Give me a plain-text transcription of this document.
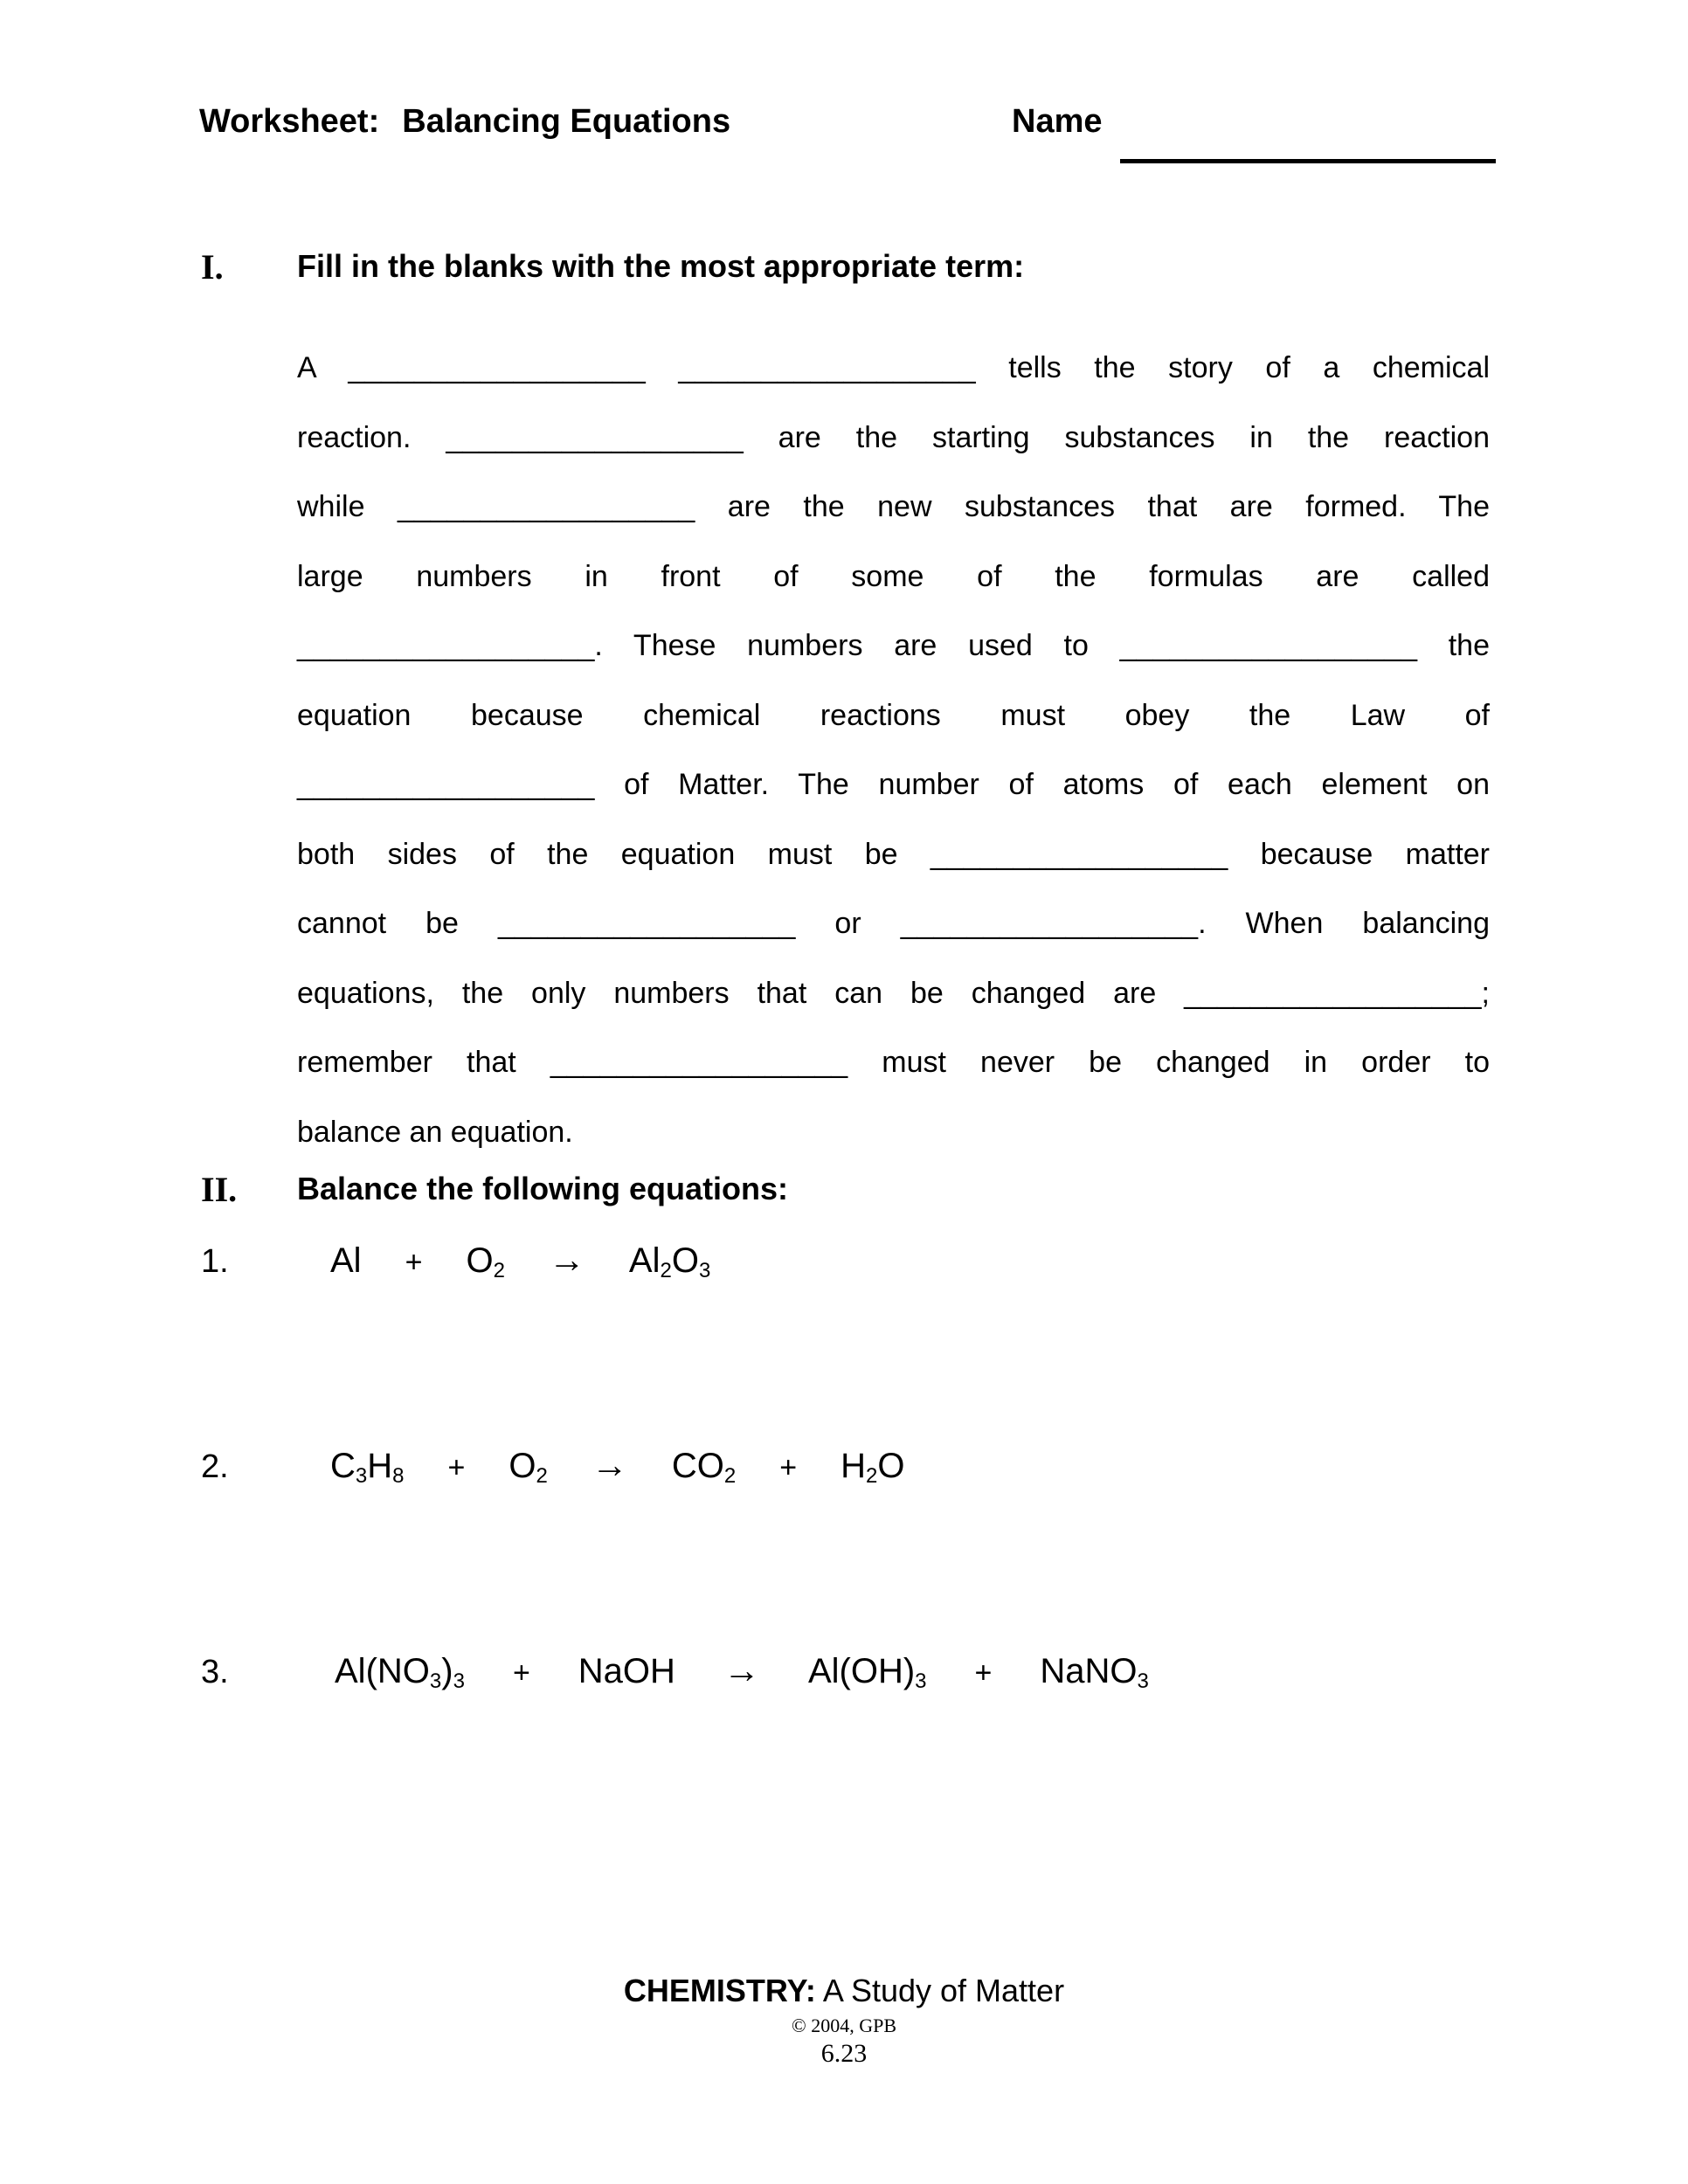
Worksheet: Balancing Equations	Name
I. Fill in the blanks with the most appropriate term:
A __________________ __________________ tells the story of a chemical
reaction. __________________ are the starting substances in the reaction
while __________________ are the new substances that are formed. The
large numbers in front of some of the formulas are called
__________________. These numbers are used to __________________ the
equation because chemical reactions must obey the Law of
__________________ of Matter. The number of atoms of each element on
both sides of the equation must be __________________ because matter
cannot be __________________ or __________________. When balancing
equations, the only numbers that can be changed are __________________;
remember that __________________ must never be changed in order to
balance an equation.
II. Balance the following equations:
1.	$Al + O_2 \to Al_2O_3$
2.	$C_3H_8 + O_2 \to CO_2 + H_2O$
3.	$Al(NO_3)_3$ + NaOH → $Al(OH)_3$ + NaNO$_3$
CHEMISTRY: A Study of Matter
© 2004, GPB
6.23
